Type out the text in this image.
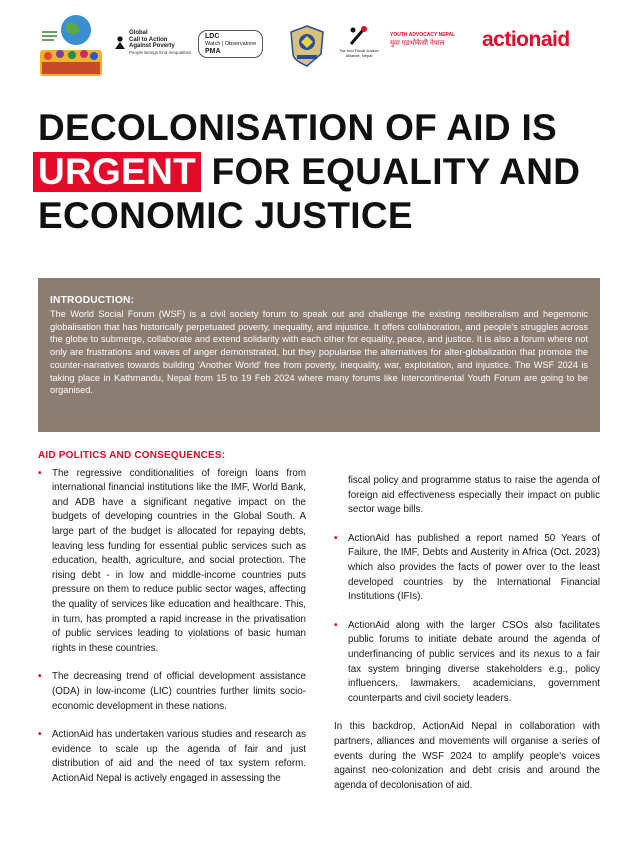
Global
Call to Action
Against Poverty
People Beings End Inequalities
LDC
Watch | Observatoire
PMA	Tax And Fiscal Justice Alliance, Nepal
YOUTH ADVOCACY NEPAL
युवा एडभोकेसी नेपाल actionaid
DECOLONISATION OF AID IS
URGENT FOR EQUALITY AND
ECONOMIC JUSTICE
INTRODUCTION:

The World Social Forum (WSF) is a civil society forum to speak out and challenge the existing neoliberalism and hegemonic globalisation that has historically perpetuated poverty, inequality, and injustice. It offers collaboration, and people's struggles across the globe to submerge, collaborate and extend solidarity with each other for equality, peace, and justice. It is also a forum where not only are frustrations and waves of anger demonstrated, but they popularise the alternatives for alter-globalization that promote the counter-narratives towards building 'Another World' free from poverty, inequality, war, exploitation, and injustice. The WSF 2024 is taking place in Kathmandu, Nepal from 15 to 19 Feb 2024 where many forums like Intercontinental Youth Forum are going to be organised.

AID POLITICS AND CONSEQUENCES:
• The regressive conditionalities of foreign loans from international financial institutions like the IMF, World Bank, and ADB have a significant negative impact on the budgets of developing countries in the Global South. A large part of the budget is allocated for repaying debts, leaving less funding for essential public services such as education, health, agriculture, and social protection. The rising debt - in low and middle-income countries puts pressure on them to reduce public sector wages, affecting the quality of services like education and healthcare. This, in turn, has prompted a rapid increase in the privatisation of public services leading to violations of basic human rights in these countries.
• The decreasing trend of official development assistance (ODA) in low-income (LIC) countries further limits socio-economic development in these nations.
• ActionAid has undertaken various studies and research as evidence to scale up the agenda of fair and just distribution of aid and the need of tax system reform. ActionAid Nepal is actively engaged in assessing the
fiscal policy and programme status to raise the agenda of foreign aid effectiveness especially their impact on public sector wage bills.
• ActionAid has published a report named 50 Years of Failure, the IMF, Debts and Austerity in Africa (Oct. 2023) which also provides the facts of power over to the least developed countries by the International Financial Institutions (IFIs).
• ActionAid along with the larger CSOs also facilitates public forums to initiate debate around the agenda of underfinancing of public services and its nexus to a fair tax system bringing diverse stakeholders e.g., policy influencers, lawmakers, academicians, government counterparts and civil society leaders.

In this backdrop, ActionAid Nepal in collaboration with partners, alliances and movements will organise a series of events during the WSF 2024 to amplify people's voices against neo-colonization and debt crisis and around the agenda of decolonisation of aid.
